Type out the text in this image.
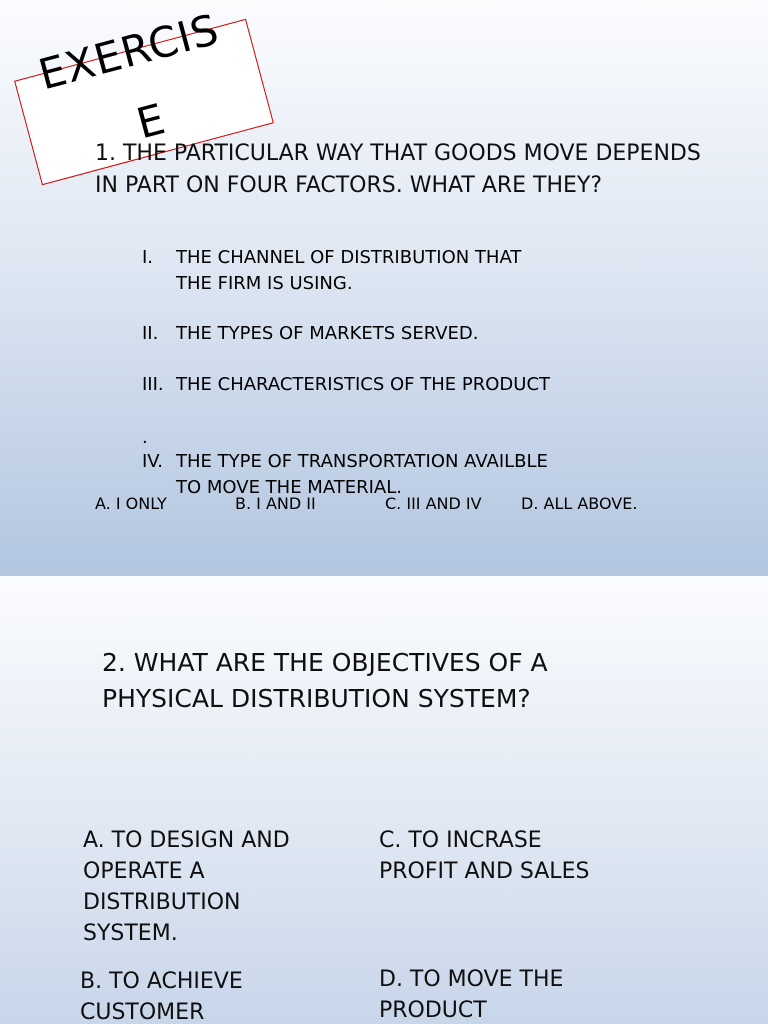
EXERCIS
E
1. THE PARTICULAR WAY THAT GOODS MOVE DEPENDS IN PART ON FOUR FACTORS. WHAT ARE THEY?
I.	THE CHANNEL OF DISTRIBUTION THAT THE FIRM IS USING.
II. THE TYPES OF MARKETS SERVED.
III. THE CHARACTERISTICS OF THE PRODUCT
IV. THE TYPE OF TRANSPORTATION AVAILBLE TO MOVE THE MATERIAL.
.
A. I ONLY	B. I AND II	C. III AND IV D. ALL ABOVE.
2. WHAT ARE THE OBJECTIVES OF A PHYSICAL DISTRIBUTION SYSTEM?
A. TO DESIGN AND OPERATE A DISTRIBUTION SYSTEM.
C. TO INCRASE PROFIT AND SALES
B. TO ACHIEVE CUSTOMER
D. TO MOVE THE PRODUCT
